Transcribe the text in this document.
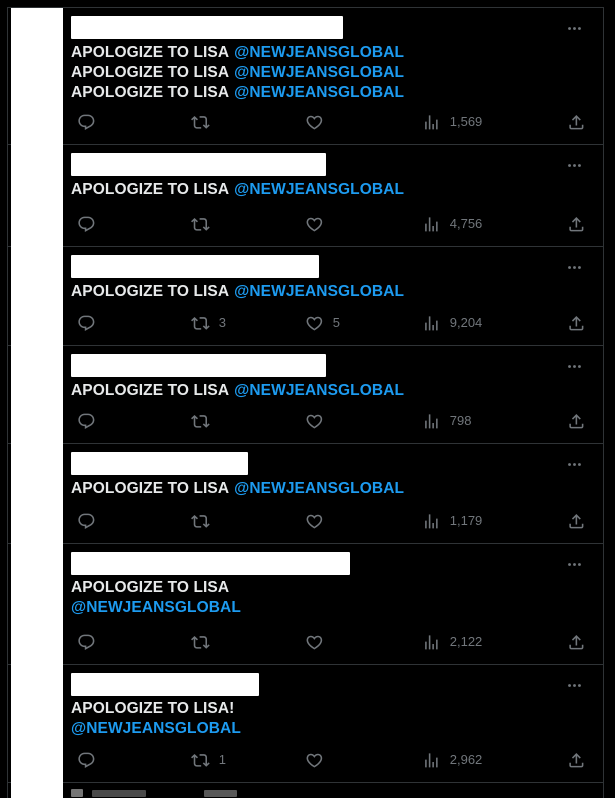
APOLOGIZE TO LISA @NEWJEANSGLOBAL
APOLOGIZE TO LISA @NEWJEANSGLOBAL
APOLOGIZE TO LISA @NEWJEANSGLOBAL
1,569
APOLOGIZE TO LISA @NEWJEANSGLOBAL
4,756
APOLOGIZE TO LISA @NEWJEANSGLOBAL
3	5	9,204
APOLOGIZE TO LISA @NEWJEANSGLOBAL
798
APOLOGIZE TO LISA @NEWJEANSGLOBAL
1,179
APOLOGIZE TO LISA
@NEWJEANSGLOBAL
2,122
APOLOGIZE TO LISA!
@NEWJEANSGLOBAL
1	2,962
